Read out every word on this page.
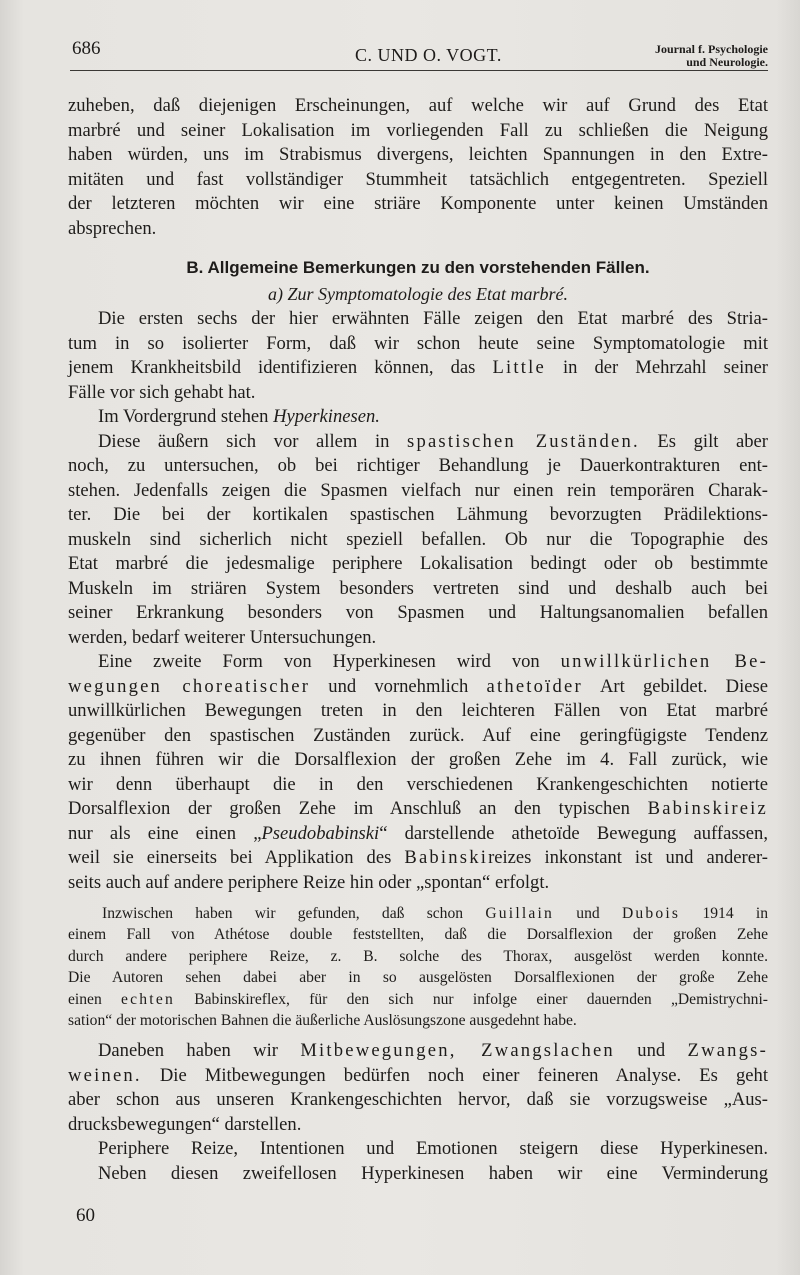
686	C. UND O. VOGT.	Journal f. Psychologie
und Neurologie.
zuheben, daß diejenigen Erscheinungen, auf welche wir auf Grund des Etat
marbré und seiner Lokalisation im vorliegenden Fall zu schließen die Neigung
haben würden, uns im Strabismus divergens, leichten Spannungen in den Extre-
mitäten und fast vollständiger Stummheit tatsächlich entgegentreten. Speziell
der letzteren möchten wir eine striäre Komponente unter keinen Umständen
absprechen.
B. Allgemeine Bemerkungen zu den vorstehenden Fällen.
a) Zur Symptomatologie des Etat marbré.
Die ersten sechs der hier erwähnten Fälle zeigen den Etat marbré des Stria-
tum in so isolierter Form, daß wir schon heute seine Symptomatologie mit
jenem Krankheitsbild identifizieren können, das Little in der Mehrzahl seiner
Fälle vor sich gehabt hat.
Im Vordergrund stehen Hyperkinesen.
Diese äußern sich vor allem in spastischen Zuständen. Es gilt aber
noch, zu untersuchen, ob bei richtiger Behandlung je Dauerkontrakturen ent-
stehen. Jedenfalls zeigen die Spasmen vielfach nur einen rein temporären Charak-
ter. Die bei der kortikalen spastischen Lähmung bevorzugten Prädilektions-
muskeln sind sicherlich nicht speziell befallen. Ob nur die Topographie des
Etat marbré die jedesmalige periphere Lokalisation bedingt oder ob bestimmte
Muskeln im striären System besonders vertreten sind und deshalb auch bei
seiner Erkrankung besonders von Spasmen und Haltungsanomalien befallen
werden, bedarf weiterer Untersuchungen.
Eine zweite Form von Hyperkinesen wird von unwillkürlichen Be-
wegungen choreatischer und vornehmlich athetoïder Art gebildet. Diese
unwillkürlichen Bewegungen treten in den leichteren Fällen von Etat marbré
gegenüber den spastischen Zuständen zurück. Auf eine geringfügigste Tendenz
zu ihnen führen wir die Dorsalflexion der großen Zehe im 4. Fall zurück, wie
wir denn überhaupt die in den verschiedenen Krankengeschichten notierte
Dorsalflexion der großen Zehe im Anschluß an den typischen Babinskireiz
nur als eine einen „Pseudobabinski“ darstellende athetoïde Bewegung auffassen,
weil sie einerseits bei Applikation des Babinskireizes inkonstant ist und anderer-
seits auch auf andere periphere Reize hin oder „spontan“ erfolgt.
Inzwischen haben wir gefunden, daß schon Guillain und Dubois 1914 in
einem Fall von Athétose double feststellten, daß die Dorsalflexion der großen Zehe
durch andere periphere Reize, z. B. solche des Thorax, ausgelöst werden konnte.
Die Autoren sehen dabei aber in so ausgelösten Dorsalflexionen der große Zehe
einen echten Babinskireflex, für den sich nur infolge einer dauernden „Demistrychni-
sation“ der motorischen Bahnen die äußerliche Auslösungszone ausgedehnt habe.
Daneben haben wir Mitbewegungen, Zwangslachen und Zwangs-
weinen. Die Mitbewegungen bedürfen noch einer feineren Analyse. Es geht
aber schon aus unseren Krankengeschichten hervor, daß sie vorzugsweise „Aus-
drucksbewegungen“ darstellen.
Periphere Reize, Intentionen und Emotionen steigern diese Hyperkinesen.
Neben diesen zweifellosen Hyperkinesen haben wir eine Verminderung
60
